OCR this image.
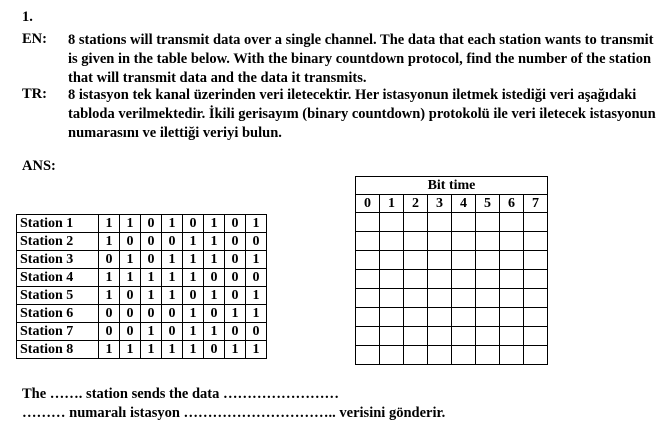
1.
EN:	8 stations will transmit data over a single channel. The data that each station wants to transmit is given in the table below. With the binary countdown protocol, find the number of the station that will transmit data and the data it transmits.
TR:	8 istasyon tek kanal üzerinden veri iletecektir. Her istasyonun iletmek istediği veri aşağıdaki tabloda verilmektedir. İkili gerisayım (binary countdown) protokolü ile veri iletecek istasyonun numarasını ve ilettiği veriyi bulun.
ANS:
Station 1	1	1	0	1	0	1	0	1
Station 2	1	0	0	0	1	1	0	0
Station 3	0	1	0	1	1	1	0	1
Station 4	1	1	1	1	1	0	0	0
Station 5	1	0	1	1	0	1	0	1
Station 6	0	0	0	0	1	0	1	1
Station 7	0	0	1	0	1	1	0	0
Station 8	1	1	1	1	1	0	1	1
Bit time							
0	1	2	3	4	5	6	7

The ……. station sends the data ……………………
……… numaralı istasyon ………………………….. verisini gönderir.
